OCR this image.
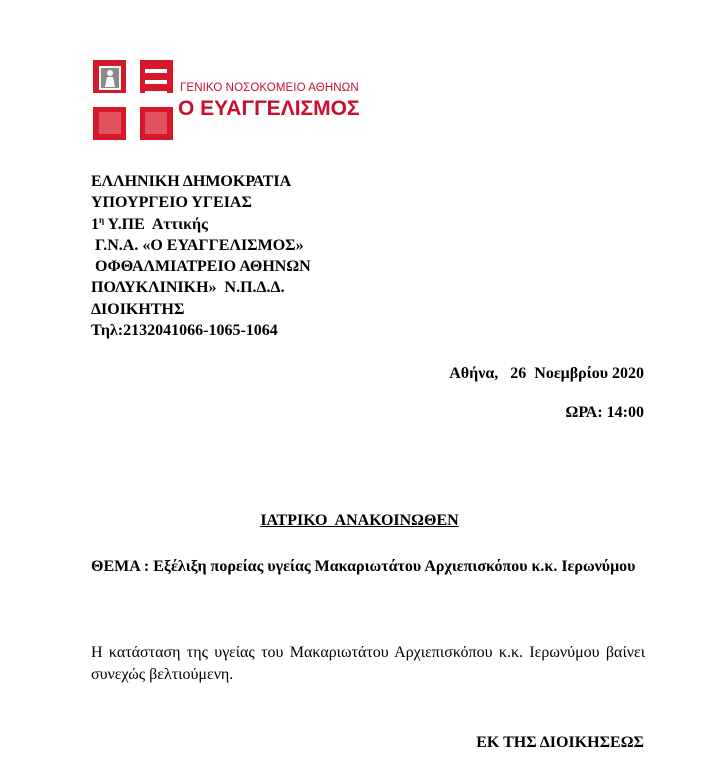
ΓΕΝΙΚΟ ΝΟΣΟΚΟΜΕΙΟ ΑΘΗΝΩΝ
Ο ΕΥΑΓΓΕΛΙΣΜΟΣ
ΕΛΛΗΝΙΚΗ ΔΗΜΟΚΡΑΤΙΑ
ΥΠΟΥΡΓΕΙΟ ΥΓΕΙΑΣ
$1^\eta$ Υ.ΠΕ  Αττικής
Γ.Ν.Α. «Ο ΕΥΑΓΓΕΛΙΣΜΟΣ»
ΟΦΘΑΛΜΙΑΤΡΕΙΟ ΑΘΗΝΩΝ
ΠΟΛΥΚΛΙΝΙΚΗ»  Ν.Π.Δ.Δ.
ΔΙΟΙΚΗΤΗΣ
Τηλ:2132041066-1065-1064
Αθήνα,   26  Νοεμβρίου 2020
ΩΡΑ: 14:00
ΙΑΤΡΙΚΟ  ΑΝΑΚΟΙΝΩΘΕΝ
ΘΕΜΑ : Εξέλιξη πορείας υγείας Μακαριωτάτου Αρχιεπισκόπου κ.κ. Ιερωνύμου
Η κατάσταση της υγείας του Μακαριωτάτου Αρχιεπισκόπου κ.κ. Ιερωνύμου βαίνει συνεχώς βελτιούμενη.
ΕΚ ΤΗΣ ΔΙΟΙΚΗΣΕΩΣ
